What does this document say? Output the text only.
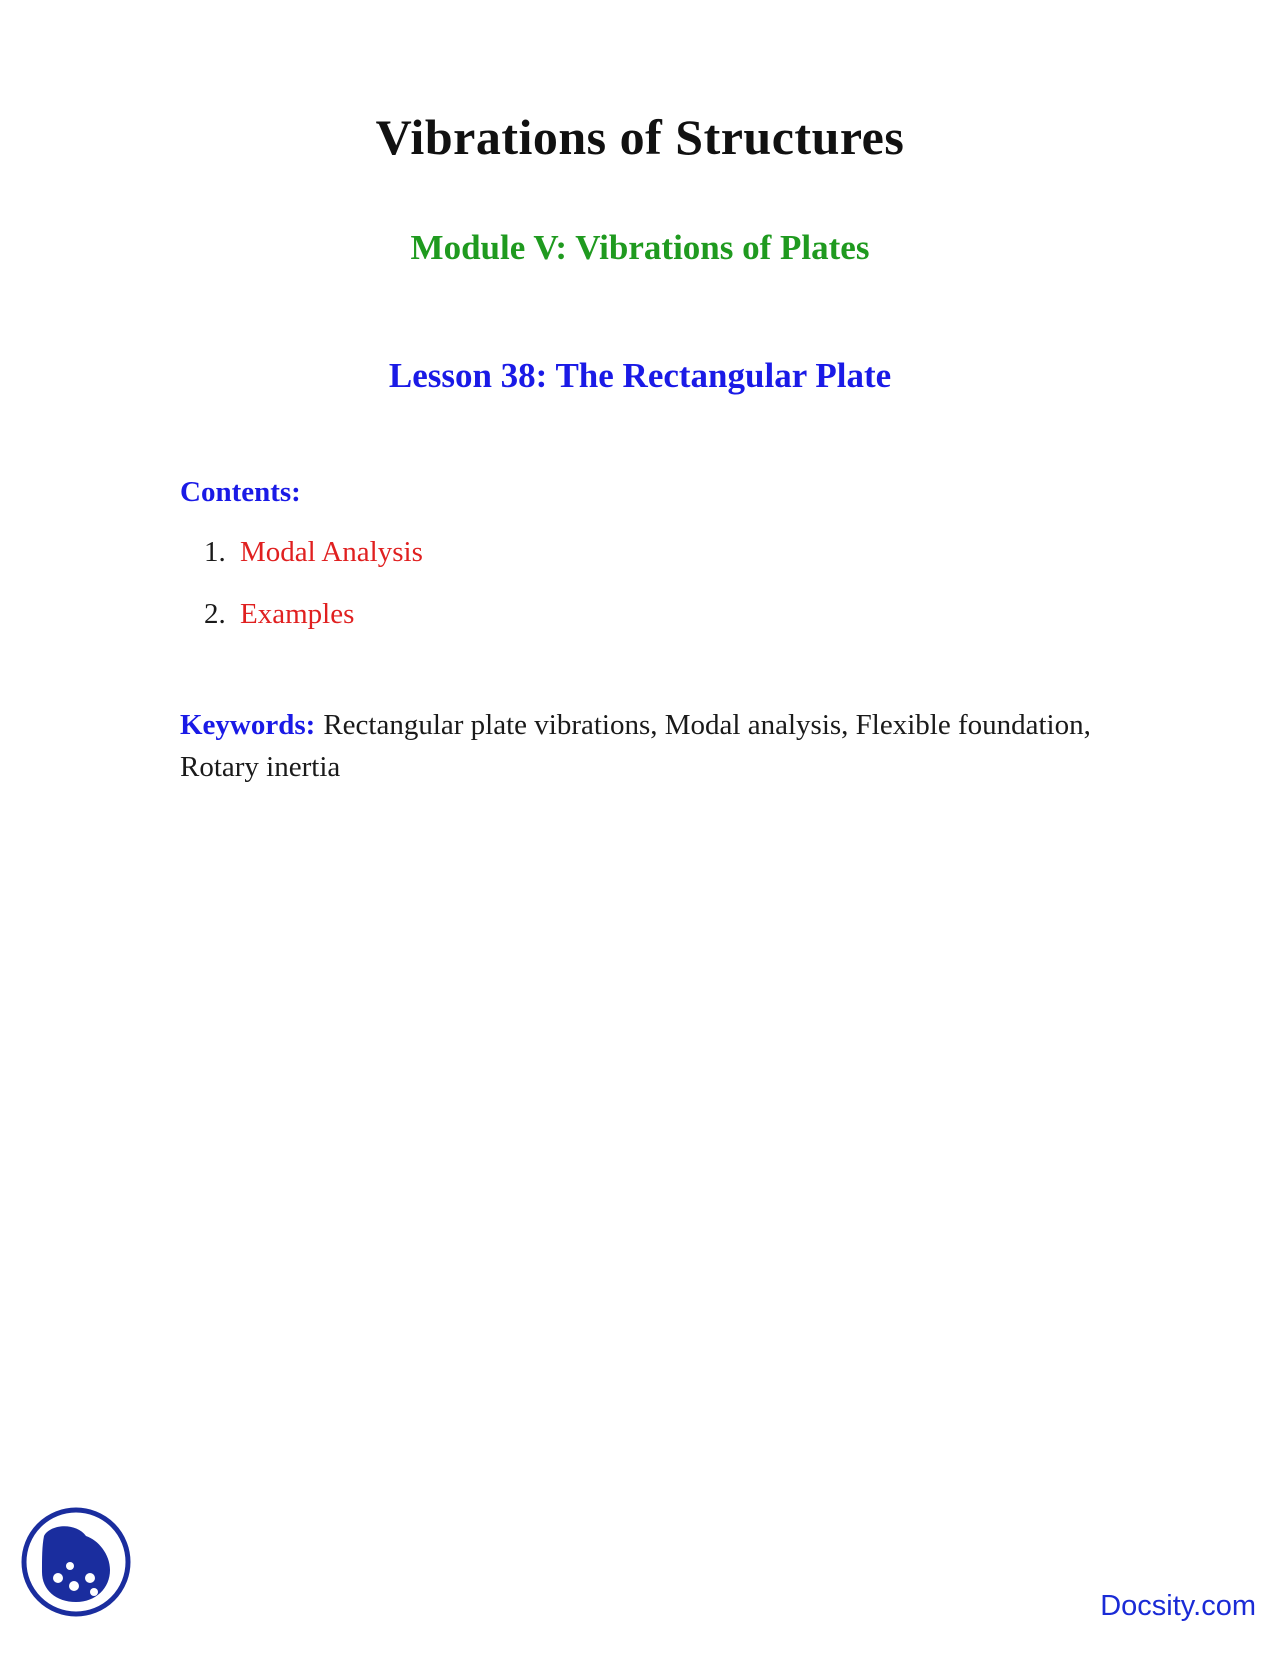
Vibrations of Structures
Module V: Vibrations of Plates
Lesson 38: The Rectangular Plate
Contents:
1. Modal Analysis
2. Examples
Keywords: Rectangular plate vibrations, Modal analysis, Flexible foundation, Rotary inertia
Docsity.com
